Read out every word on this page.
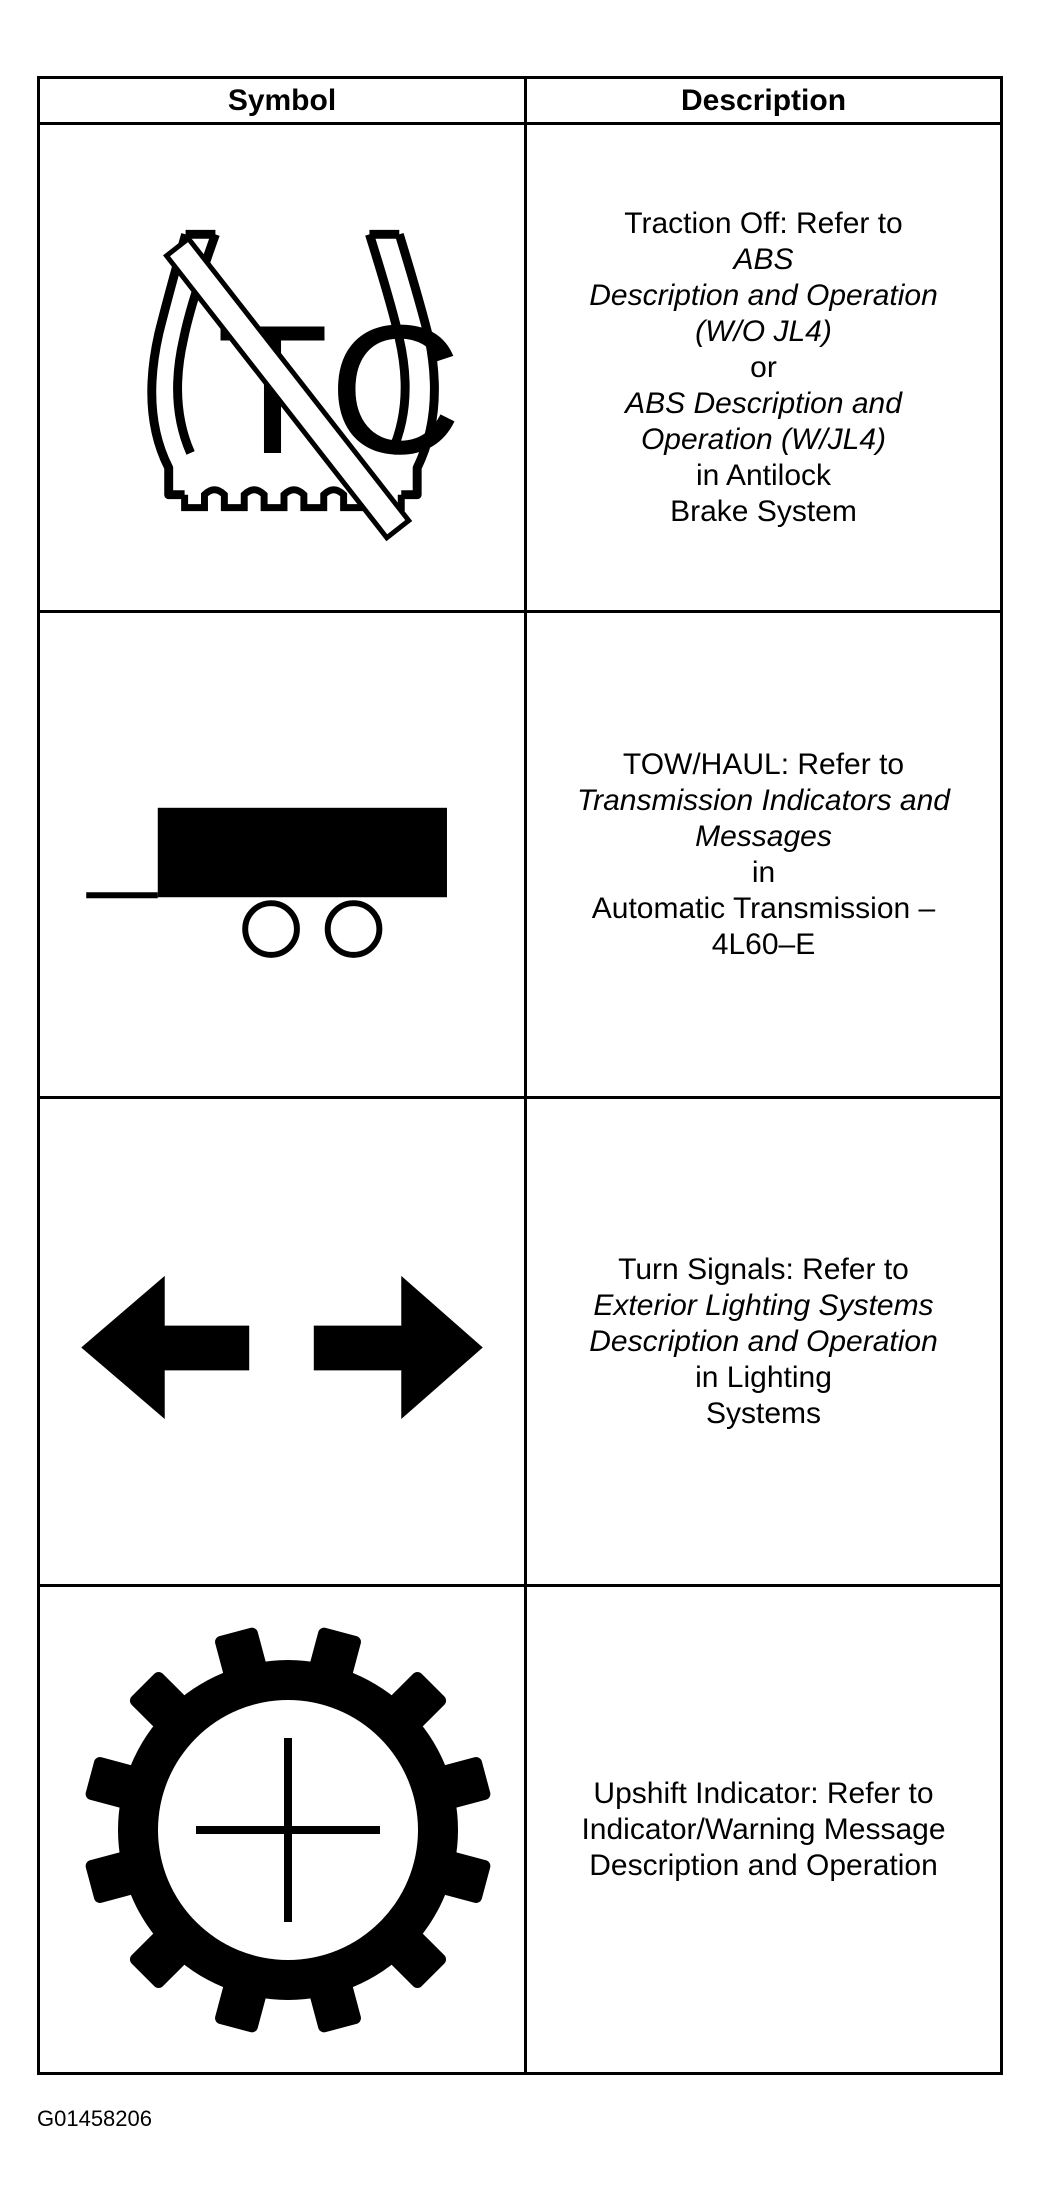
Symbol	Description
TC
Traction Off: Refer to
ABS
Description and Operation
(W/O JL4)
or
ABS Description and
Operation (W/JL4)
in Antilock
Brake System
TOW/HAUL: Refer to
Transmission Indicators and
Messages
in
Automatic Transmission –
4L60–E
Turn Signals: Refer to
Exterior Lighting Systems
Description and Operation
in Lighting
Systems
Upshift Indicator: Refer to
Indicator/Warning Message
Description and Operation
G01458206
